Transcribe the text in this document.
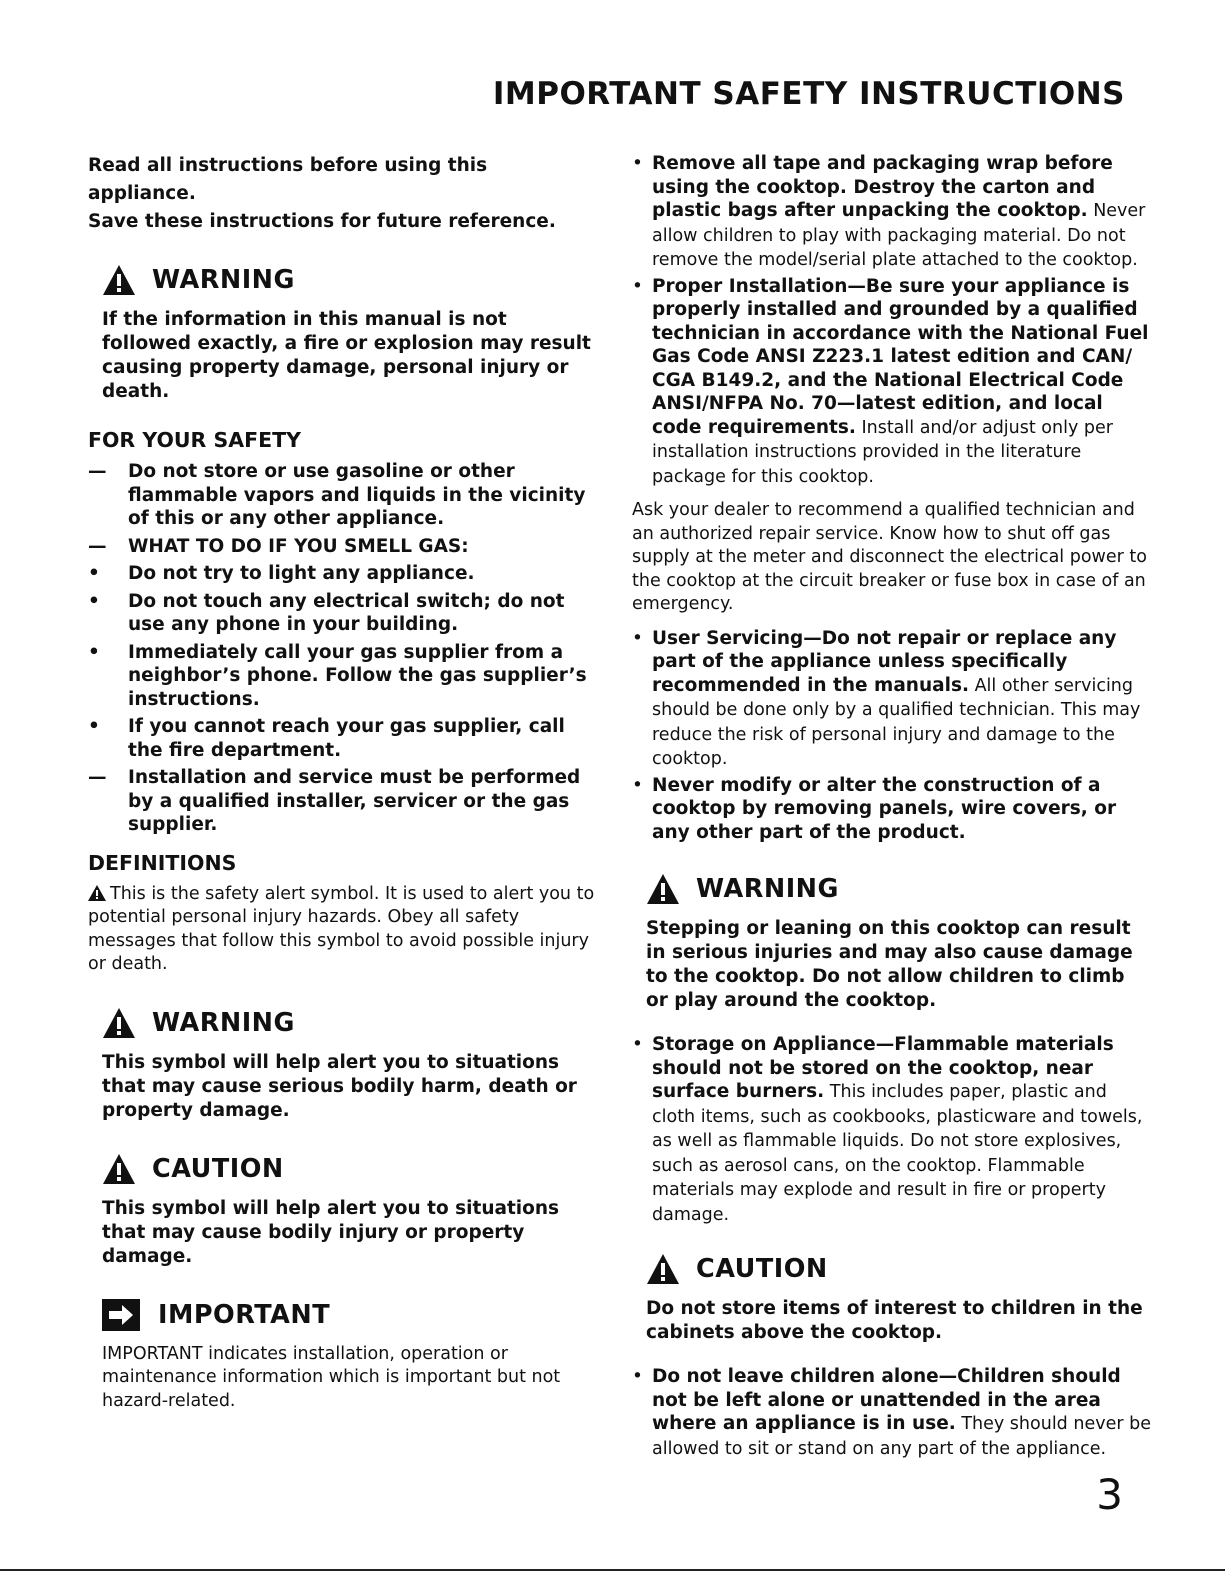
IMPORTANT SAFETY INSTRUCTIONS
Read all instructions before using this appliance.
Save these instructions for future reference.
WARNING
If the information in this manual is not followed exactly, a fire or explosion may result causing property damage, personal injury or death.
FOR YOUR SAFETY
—	Do not store or use gasoline or other flammable vapors and liquids in the vicinity of this or any other appliance.
—	WHAT TO DO IF YOU SMELL GAS:
•	Do not try to light any appliance.
•	Do not touch any electrical switch; do not use any phone in your building.
•	Immediately call your gas supplier from a neighbor’s phone. Follow the gas supplier’s instructions.
•	If you cannot reach your gas supplier, call the fire department.
—	Installation and service must be performed by a qualified installer, servicer or the gas supplier.
DEFINITIONS
This is the safety alert symbol. It is used to alert you to potential personal injury hazards. Obey all safety messages that follow this symbol to avoid possible injury or death.
WARNING
This symbol will help alert you to situations that may cause serious bodily harm, death or property damage.
CAUTION
This symbol will help alert you to situations that may cause bodily injury or property damage.
IMPORTANT
IMPORTANT indicates installation, operation or maintenance information which is important but not hazard-related.
• Remove all tape and packaging wrap before using the cooktop. Destroy the carton and plastic bags after unpacking the cooktop. Never allow children to play with packaging material. Do not remove the model/serial plate attached to the cooktop.
• Proper Installation—Be sure your appliance is properly installed and grounded by a qualified technician in accordance with the National Fuel Gas Code ANSI Z223.1 latest edition and CAN/ CGA B149.2, and the National Electrical Code ANSI/NFPA No. 70—latest edition, and local code requirements. Install and/or adjust only per installation instructions provided in the literature package for this cooktop.
Ask your dealer to recommend a qualified technician and an authorized repair service. Know how to shut off gas supply at the meter and disconnect the electrical power to the cooktop at the circuit breaker or fuse box in case of an emergency.
• User Servicing—Do not repair or replace any part of the appliance unless specifically recommended in the manuals. All other servicing should be done only by a qualified technician. This may reduce the risk of personal injury and damage to the cooktop.
• Never modify or alter the construction of a cooktop by removing panels, wire covers, or any other part of the product.
WARNING
Stepping or leaning on this cooktop can result in serious injuries and may also cause damage to the cooktop. Do not allow children to climb or play around the cooktop.
• Storage on Appliance—Flammable materials should not be stored on the cooktop, near surface burners. This includes paper, plastic and cloth items, such as cookbooks, plasticware and towels, as well as flammable liquids. Do not store explosives, such as aerosol cans, on the cooktop. Flammable materials may explode and result in fire or property damage.
CAUTION
Do not store items of interest to children in the cabinets above the cooktop.
• Do not leave children alone—Children should not be left alone or unattended in the area where an appliance is in use. They should never be allowed to sit or stand on any part of the appliance.
3
